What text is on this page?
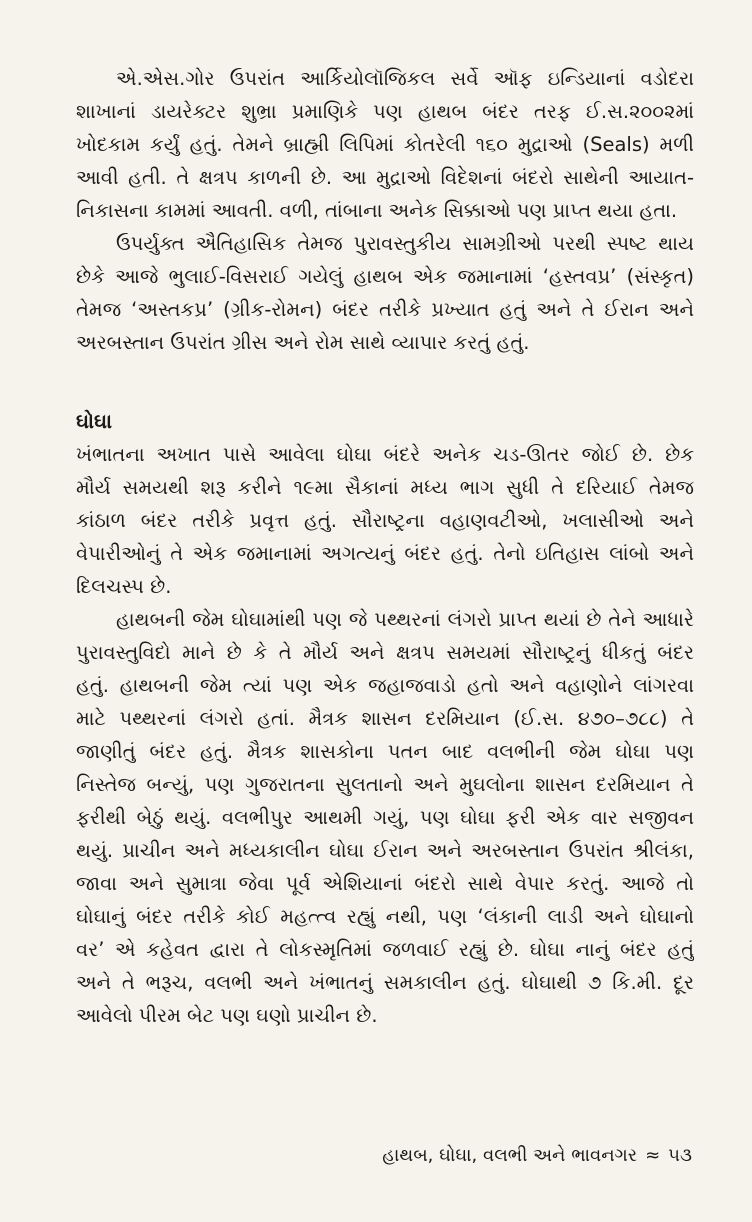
એ.એસ.ગોર ઉપરાંત આર્કિયોલૉજિકલ સર્વે ઑફ ઇન્ડિયાનાં વડોદરા
શાખાનાં ડાયરેક્ટર શુભ્રા પ્રમાણિકે પણ હાથબ બંદર તરફ ઈ.સ.૨૦૦૨માં
ખોદકામ કર્યું હતું. તેમને બ્રાહ્મી લિપિમાં કોતરેલી ૧૬૦ મુદ્રાઓ (Seals) મળી
આવી હતી. તે ક્ષત્રપ કાળની છે. આ મુદ્રાઓ વિદેશનાં બંદરો સાથેની આયાત-
નિકાસના કામમાં આવતી. વળી, તાંબાના અનેક સિક્કાઓ પણ પ્રાપ્ત થયા હતા.
ઉપર્યુક્ત ઐતિહાસિક તેમજ પુરાવસ્તુકીય સામગ્રીઓ પરથી સ્પષ્ટ થાય
છેકે આજે ભુલાઈ-વિસરાઈ ગયેલું હાથબ એક જમાનામાં ‘હસ્તવપ્ર’ (સંસ્કૃત)
તેમજ ‘અસ્તકપ્ર’ (ગ્રીક-રોમન) બંદર તરીકે પ્રખ્યાત હતું અને તે ઈરાન અને
અરબસ્તાન ઉપરાંત ગ્રીસ અને રોમ સાથે વ્યાપાર કરતું હતું.
ઘોઘા
ખંભાતના અખાત પાસે આવેલા ઘોઘા બંદરે અનેક ચડ-ઊતર જોઈ છે. છેક
મૌર્ય સમયથી શરૂ કરીને ૧૯મા સૈકાનાં મધ્ય ભાગ સુધી તે દરિયાઈ તેમજ
કાંઠાળ બંદર તરીકે પ્રવૃત્ત હતું. સૌરાષ્ટ્રના વહાણવટીઓ, ખલાસીઓ અને
વેપારીઓનું તે એક જમાનામાં અગત્યનું બંદર હતું. તેનો ઇતિહાસ લાંબો અને
દિલચસ્પ છે.
હાથબની જેમ ઘોઘામાંથી પણ જે પથ્થરનાં લંગરો પ્રાપ્ત થયાં છે તેને આધારે
પુરાવસ્તુવિદો માને છે કે તે મૌર્ય અને ક્ષત્રપ સમયમાં સૌરાષ્ટ્રનું ધીકતું બંદર
હતું. હાથબની જેમ ત્યાં પણ એક જહાજવાડો હતો અને વહાણોને લાંગરવા
માટે પથ્થરનાં લંગરો હતાં. મૈત્રક શાસન દરમિયાન (ઈ.સ. ૪૭૦–૭૮૮) તે
જાણીતું બંદર હતું. મૈત્રક શાસકોના પતન બાદ વલભીની જેમ ઘોઘા પણ
નિસ્તેજ બન્યું, પણ ગુજરાતના સુલતાનો અને મુઘલોના શાસન દરમિયાન તે
ફરીથી બેઠું થયું. વલભીપુર આથમી ગયું, પણ ઘોઘા ફરી એક વાર સજીવન
થયું. પ્રાચીન અને મધ્યકાલીન ઘોઘા ઈરાન અને અરબસ્તાન ઉપરાંત શ્રીલંકા,
જાવા અને સુમાત્રા જેવા પૂર્વ એશિયાનાં બંદરો સાથે વેપાર કરતું. આજે તો
ઘોઘાનું બંદર તરીકે કોઈ મહત્ત્વ રહ્યું નથી, પણ ‘લંકાની લાડી અને ઘોઘાનો
વર’ એ કહેવત દ્વારા તે લોકસ્મૃતિમાં જળવાઈ રહ્યું છે. ઘોઘા નાનું બંદર હતું
અને તે ભરૂચ, વલભી અને ખંભાતનું સમકાલીન હતું. ઘોઘાથી ૭ કિ.મી. દૂર
આવેલો પીરમ બેટ પણ ઘણો પ્રાચીન છે.
હાથબ, ઘોઘા, વલભી અને ભાવનગર ≈ ૫૩
